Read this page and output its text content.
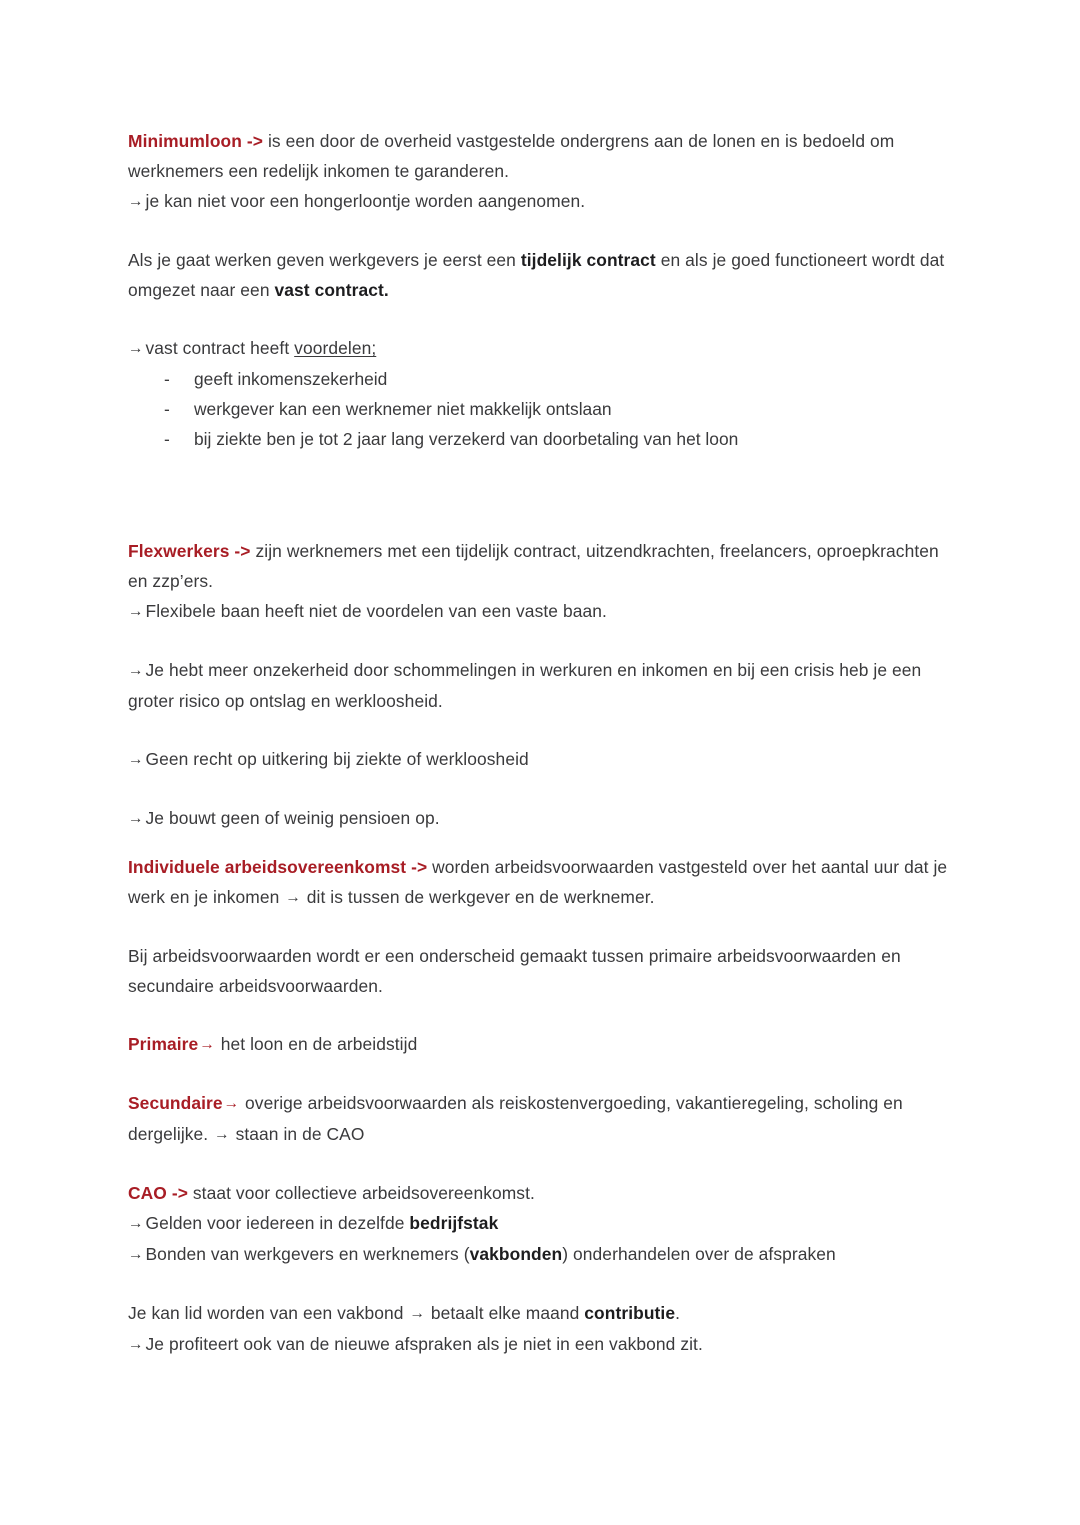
Minimumloon -> is een door de overheid vastgestelde ondergrens aan de lonen en is bedoeld om werknemers een redelijk inkomen te garanderen.

→ je kan niet voor een hongerloontje worden aangenomen.

Als je gaat werken geven werkgevers je eerst een tijdelijk contract en als je goed functioneert wordt dat omgezet naar een vast contract.

→ vast contract heeft voordelen;

- geeft inkomenszekerheid
- werkgever kan een werknemer niet makkelijk ontslaan
- bij ziekte ben je tot 2 jaar lang verzekerd van doorbetaling van het loon

Flexwerkers -> zijn werknemers met een tijdelijk contract, uitzendkrachten, freelancers, oproepkrachten en zzp’ers.

→ Flexibele baan heeft niet de voordelen van een vaste baan.

→ Je hebt meer onzekerheid door schommelingen in werkuren en inkomen en bij een crisis heb je een groter risico op ontslag en werkloosheid.

→ Geen recht op uitkering bij ziekte of werkloosheid

→ Je bouwt geen of weinig pensioen op.

Individuele arbeidsovereenkomst -> worden arbeidsvoorwaarden vastgesteld over het aantal uur dat je werk en je inkomen → dit is tussen de werkgever en de werknemer.

Bij arbeidsvoorwaarden wordt er een onderscheid gemaakt tussen primaire arbeidsvoorwaarden en secundaire arbeidsvoorwaarden.

Primaire→ het loon en de arbeidstijd

Secundaire→ overige arbeidsvoorwaarden als reiskostenvergoeding, vakantieregeling, scholing en dergelijke. → staan in de CAO

CAO -> staat voor collectieve arbeidsovereenkomst.

→ Gelden voor iedereen in dezelfde bedrijfstak

→ Bonden van werkgevers en werknemers (vakbonden) onderhandelen over de afspraken

Je kan lid worden van een vakbond → betaalt elke maand contributie.

→ Je profiteert ook van de nieuwe afspraken als je niet in een vakbond zit.
